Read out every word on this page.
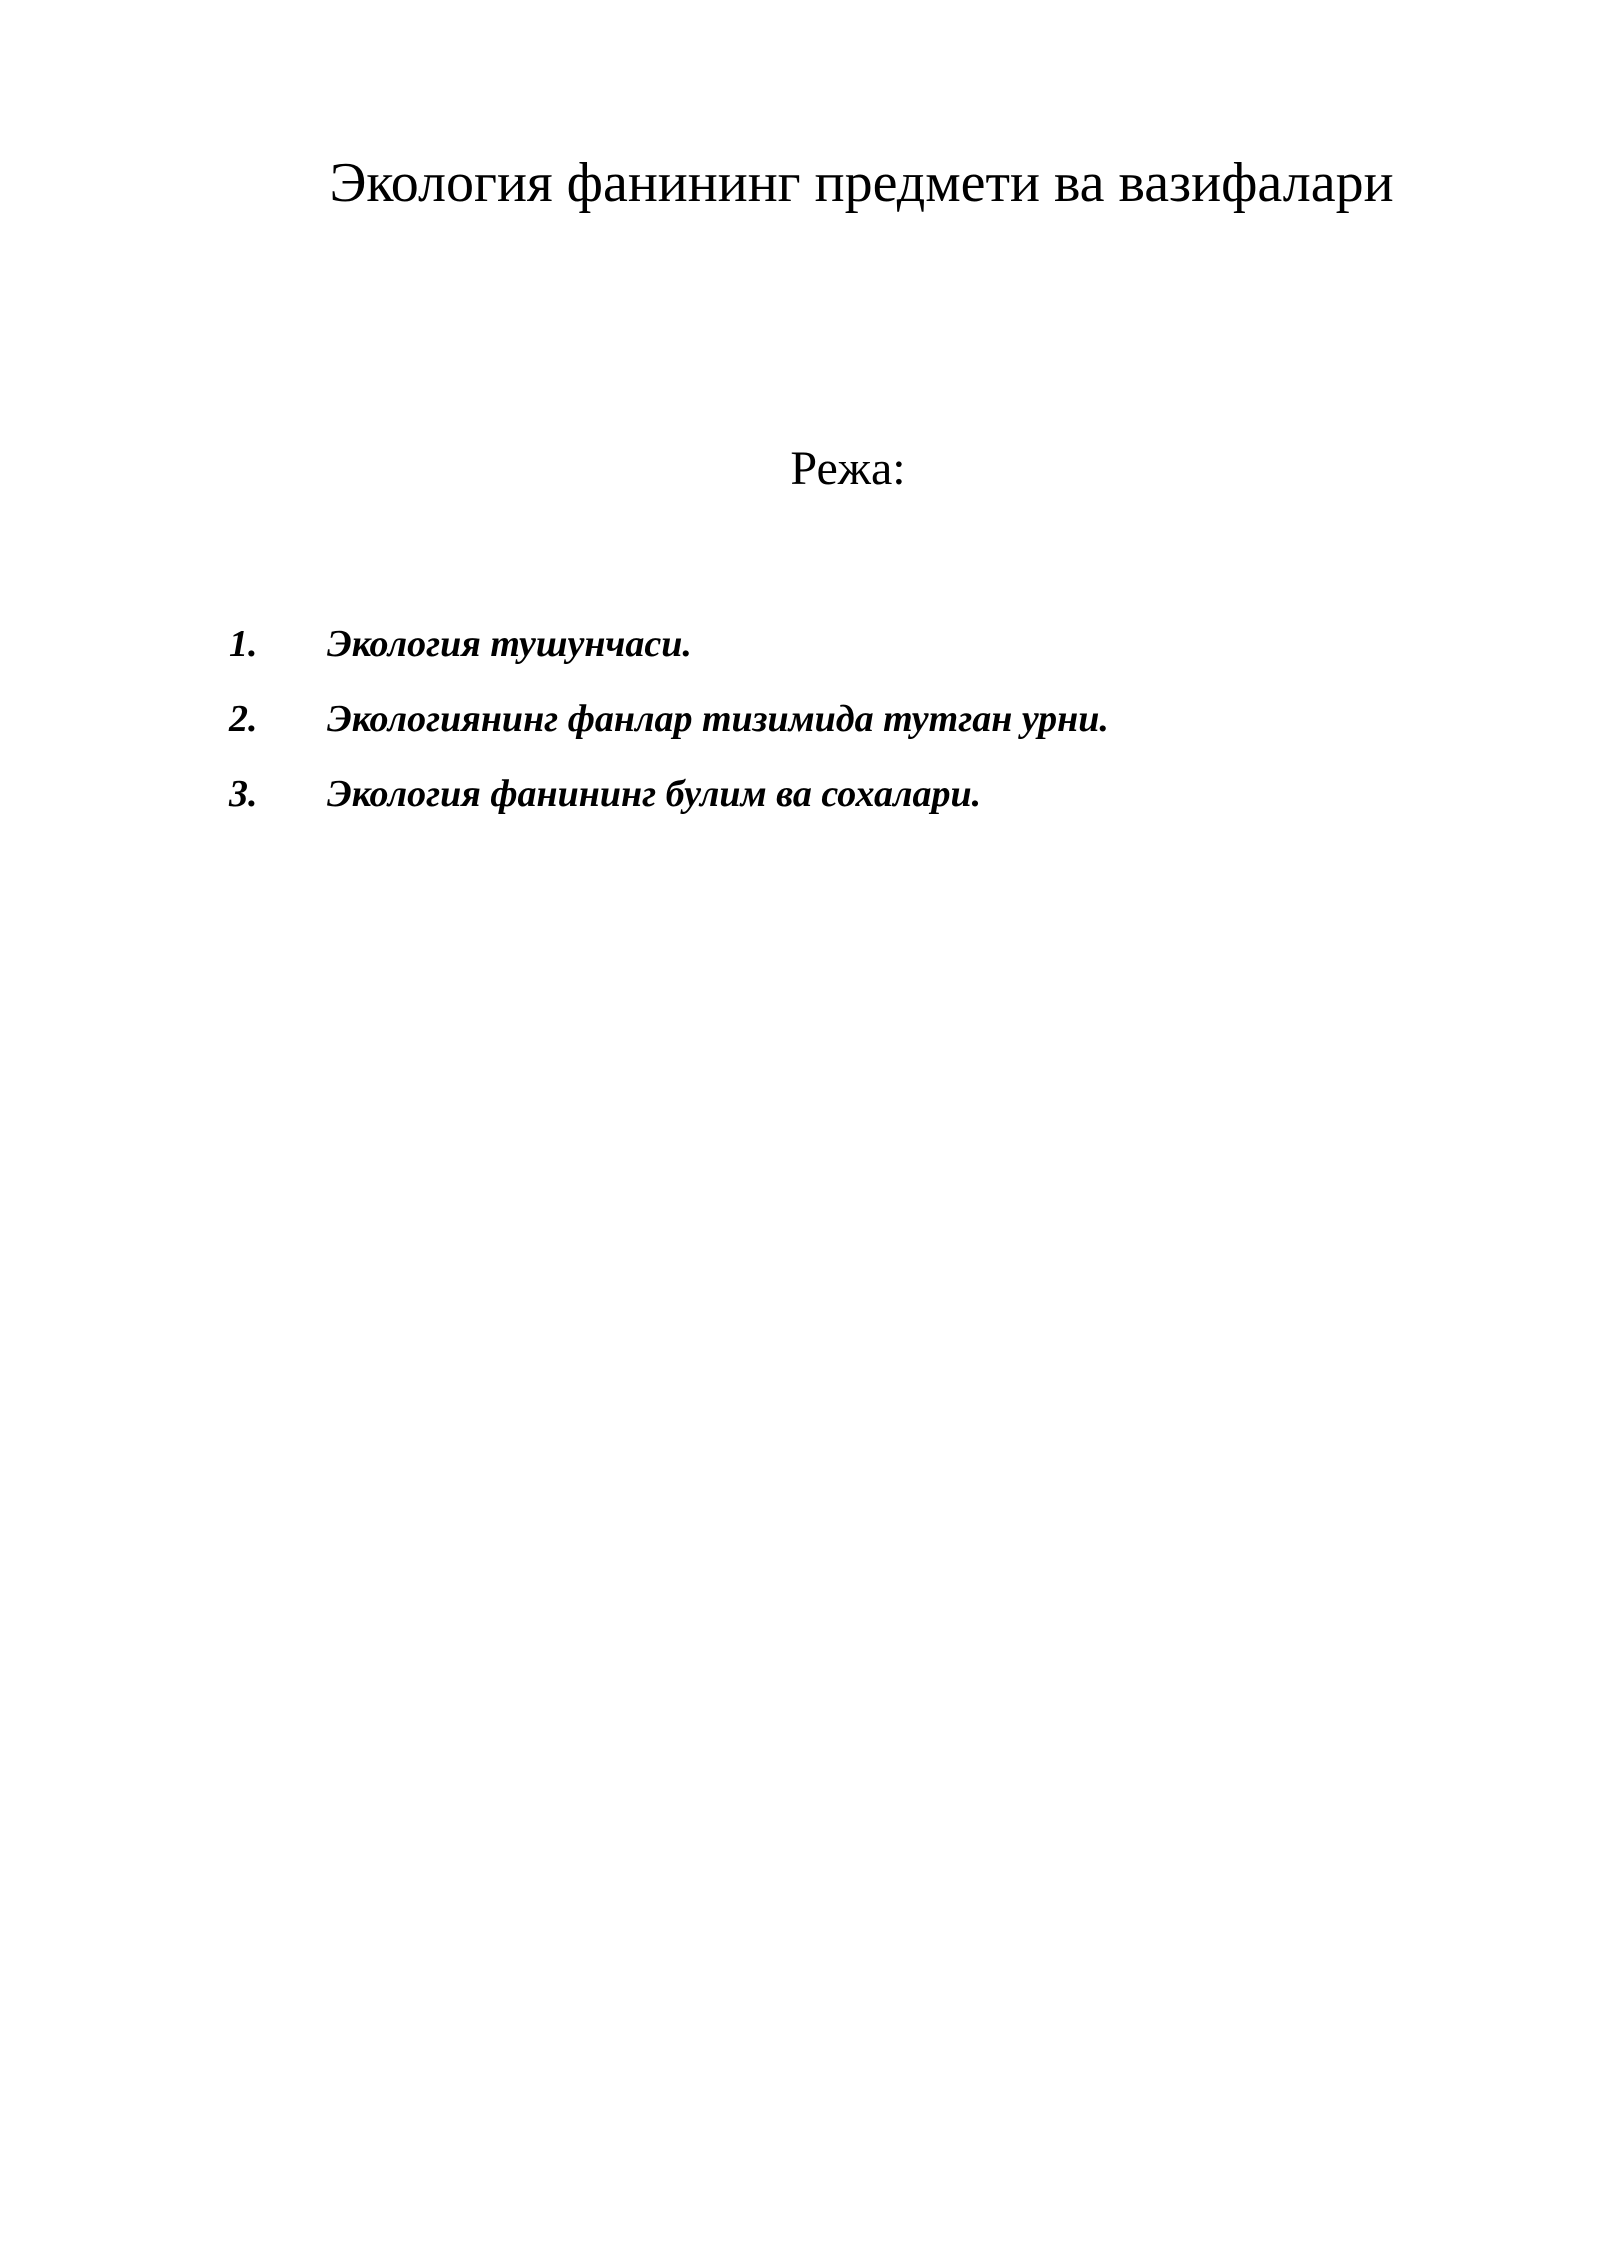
Экология фанининг предмети ва вазифалари

Режа:

1. Экология тушунчаси.
2. Экологиянинг фанлар тизимида тутган урни.
3. Экология фанининг булим ва сохалари.
